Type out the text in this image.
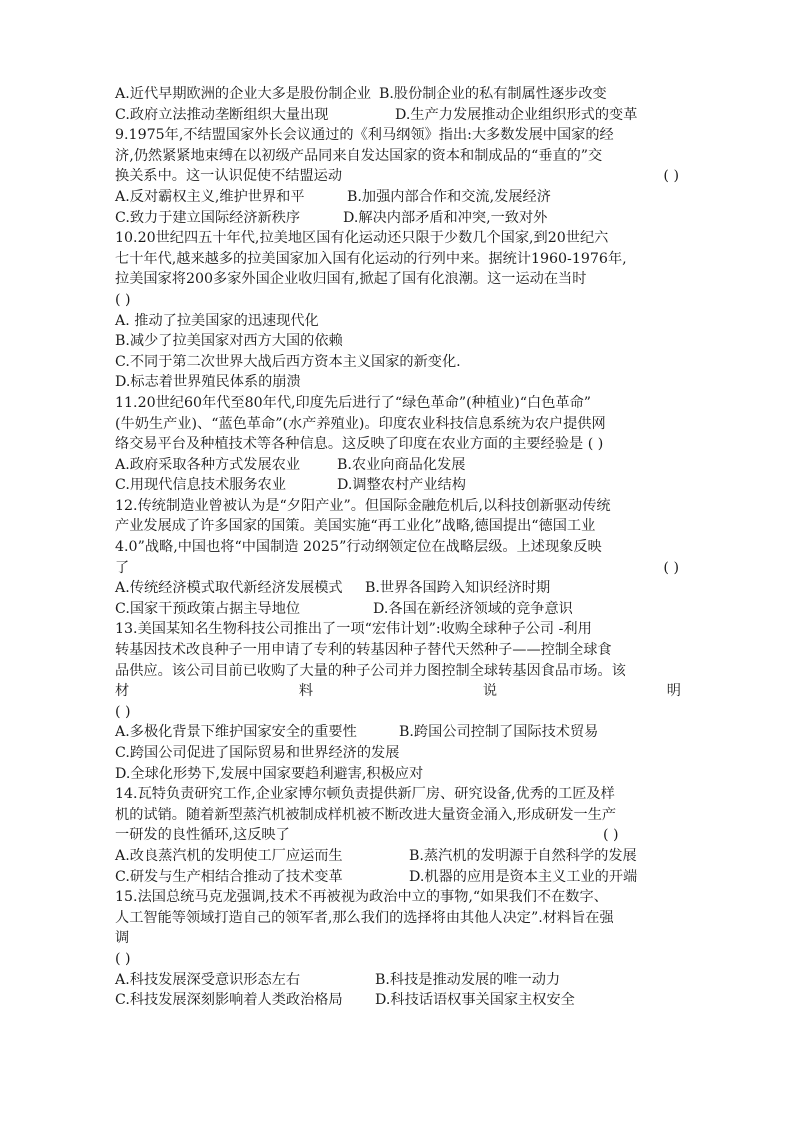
A.近代早期欧洲的企业大多是股份制企业 B.股份制企业的私有制属性逐步改变
C.政府立法推动垄断组织大量出现	D.生产力发展推动企业组织形式的变革
9.1975年,不结盟国家外长会议通过的《利马纲领》指出:大多数发展中国家的经
济,仍然紧紧地束缚在以初级产品同来自发达国家的资本和制成品的“垂直的”交
换关系中。这一认识促使不结盟运动	( )
A.反对霸权主义,维护世界和平	B.加强内部合作和交流,发展经济
C.致力于建立国际经济新秩序	D.解决内部矛盾和冲突,一致对外
10.20世纪四五十年代,拉美地区国有化运动还只限于少数几个国家,到20世纪六
七十年代,越来越多的拉美国家加入国有化运动的行列中来。据统计1960-1976年,
拉美国家将200多家外国企业收归国有,掀起了国有化浪潮。这一运动在当时
( )
A. 推动了拉美国家的迅速现代化
B.减少了拉美国家对西方大国的依赖
C.不同于第二次世界大战后西方资本主义国家的新变化.
D.标志着世界殖民体系的崩溃
11.20世纪60年代至80年代,印度先后进行了“绿色革命”(种植业)“白色革命”
(牛奶生产业)、“蓝色革命”(水产养殖业)。印度农业科技信息系统为农户提供网
络交易平台及种植技术等各种信息。这反映了印度在农业方面的主要经验是 ( )
A.政府采取各种方式发展农业	B.农业向商品化发展
C.用现代信息技术服务农业	D.调整农村产业结构
12.传统制造业曾被认为是“夕阳产业”。但国际金融危机后,以科技创新驱动传统
产业发展成了许多国家的国策。美国实施“再工业化”战略,德国提出“德国工业
4.0”战略,中国也将“中国制造 2025”行动纲领定位在战略层级。上述现象反映
了	( )
A.传统经济模式取代新经济发展模式 B.世界各国跨入知识经济时期
C.国家干预政策占据主导地位	D.各国在新经济领域的竞争意识
13.美国某知名生物科技公司推出了一项“宏伟计划”:收购全球种子公司 -利用
转基因技术改良种子一用申请了专利的转基因种子替代天然种子——控制全球食
品供应。该公司目前已收购了大量的种子公司并力图控制全球转基因食品市场。该
材	料	说	明
( )
A.多极化背景下维护国家安全的重要性	B.跨国公司控制了国际技术贸易
C.跨国公司促进了国际贸易和世界经济的发展
D.全球化形势下,发展中国家要趋利避害,积极应对
14.瓦特负责研究工作,企业家博尔顿负责提供新厂房、研究设备,优秀的工匠及样
机的试销。随着新型蒸汽机被制成样机被不断改进大量资金涌入,形成研发一生产
一研发的良性循环,这反映了	( )
A.改良蒸汽机的发明使工厂应运而生	B.蒸汽机的发明源于自然科学的发展
C.研发与生产相结合推动了技术变革	D.机器的应用是资本主义工业的开端
15.法国总统马克龙强调,技术不再被视为政治中立的事物,“如果我们不在数字、
人工智能等领域打造自己的领军者,那么我们的选择将由其他人决定”.材料旨在强
调
( )
A.科技发展深受意识形态左右	B.科技是推动发展的唯一动力
C.科技发展深刻影响着人类政治格局 D.科技话语权事关国家主权安全
